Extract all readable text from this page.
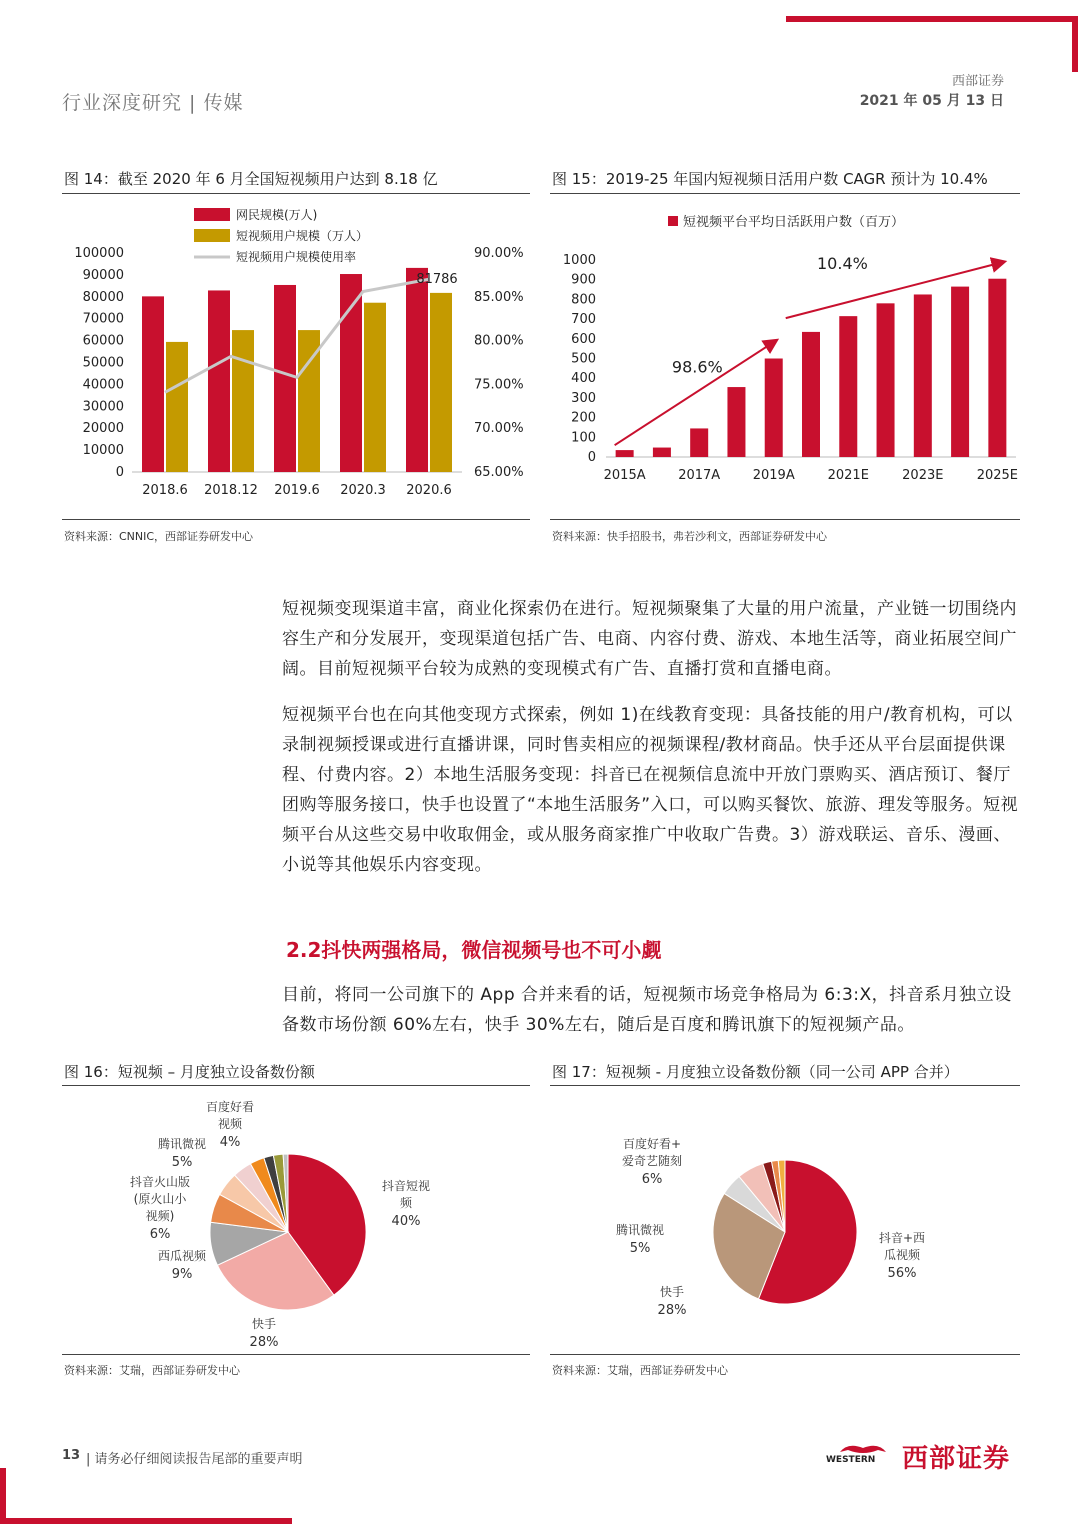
行业深度研究 | 传媒
西部证券
2021 年 05 月 13 日
图 14：截至 2020 年 6 月全国短视频用户达到 8.18 亿
网民规模(万人)
短视频用户规模（万人）
短视频用户规模使用率
100000
90000
80000
70000
60000
50000
40000
30000
20000
10000
0
90.00%
85.00%
80.00%
75.00%
70.00%
65.00%
2018.6 2018.12 2019.6 2020.3 2020.6
81786
资料来源：CNNIC，西部证券研发中心
图 15：2019-25 年国内短视频日活用户数 CAGR 预计为 10.4%
短视频平台平均日活跃用户数（百万）
1000
900
800
700
600
500
400
300
200
100
0
2015A	2017A	2019A	2021E	2023E	2025E
98.6%
10.4%
资料来源：快手招股书，弗若沙利文，西部证券研发中心
短视频变现渠道丰富，商业化探索仍在进行。短视频聚集了大量的用户流量，产业链一切围绕内容生产和分发展开，变现渠道包括广告、电商、内容付费、游戏、本地生活等，商业拓展空间广阔。目前短视频平台较为成熟的变现模式有广告、直播打赏和直播电商。
短视频平台也在向其他变现方式探索，例如 1)在线教育变现：具备技能的用户/教育机构，可以录制视频授课或进行直播讲课，同时售卖相应的视频课程/教材商品。快手还从平台层面提供课程、付费内容。2）本地生活服务变现：抖音已在视频信息流中开放门票购买、酒店预订、餐厅团购等服务接口，快手也设置了“本地生活服务”入口，可以购买餐饮、旅游、理发等服务。短视频平台从这些交易中收取佣金，或从服务商家推广中收取广告费。3）游戏联运、音乐、漫画、小说等其他娱乐内容变现。
2.2抖快两强格局，微信视频号也不可小觑
目前，将同一公司旗下的 App 合并来看的话，短视频市场竞争格局为 6:3:X，抖音系月独立设备数市场份额 60%左右，快手 30%左右，随后是百度和腾讯旗下的短视频产品。
图 16：短视频 – 月度独立设备数份额
抖音短视
频
40%
快手
28%
西瓜视频
9%
抖音火山版
(原火山小
视频)
6%
腾讯微视
5%
百度好看
视频
4%
资料来源：艾瑞，西部证券研发中心
图 17：短视频 - 月度独立设备数份额（同一公司 APP 合并）
抖音+西
瓜视频
56%
快手
28%
腾讯微视
5%
百度好看+
爱奇艺随刻
6%
资料来源：艾瑞，西部证券研发中心
13 | 请务必仔细阅读报告尾部的重要声明	WESTERN 西部证券
